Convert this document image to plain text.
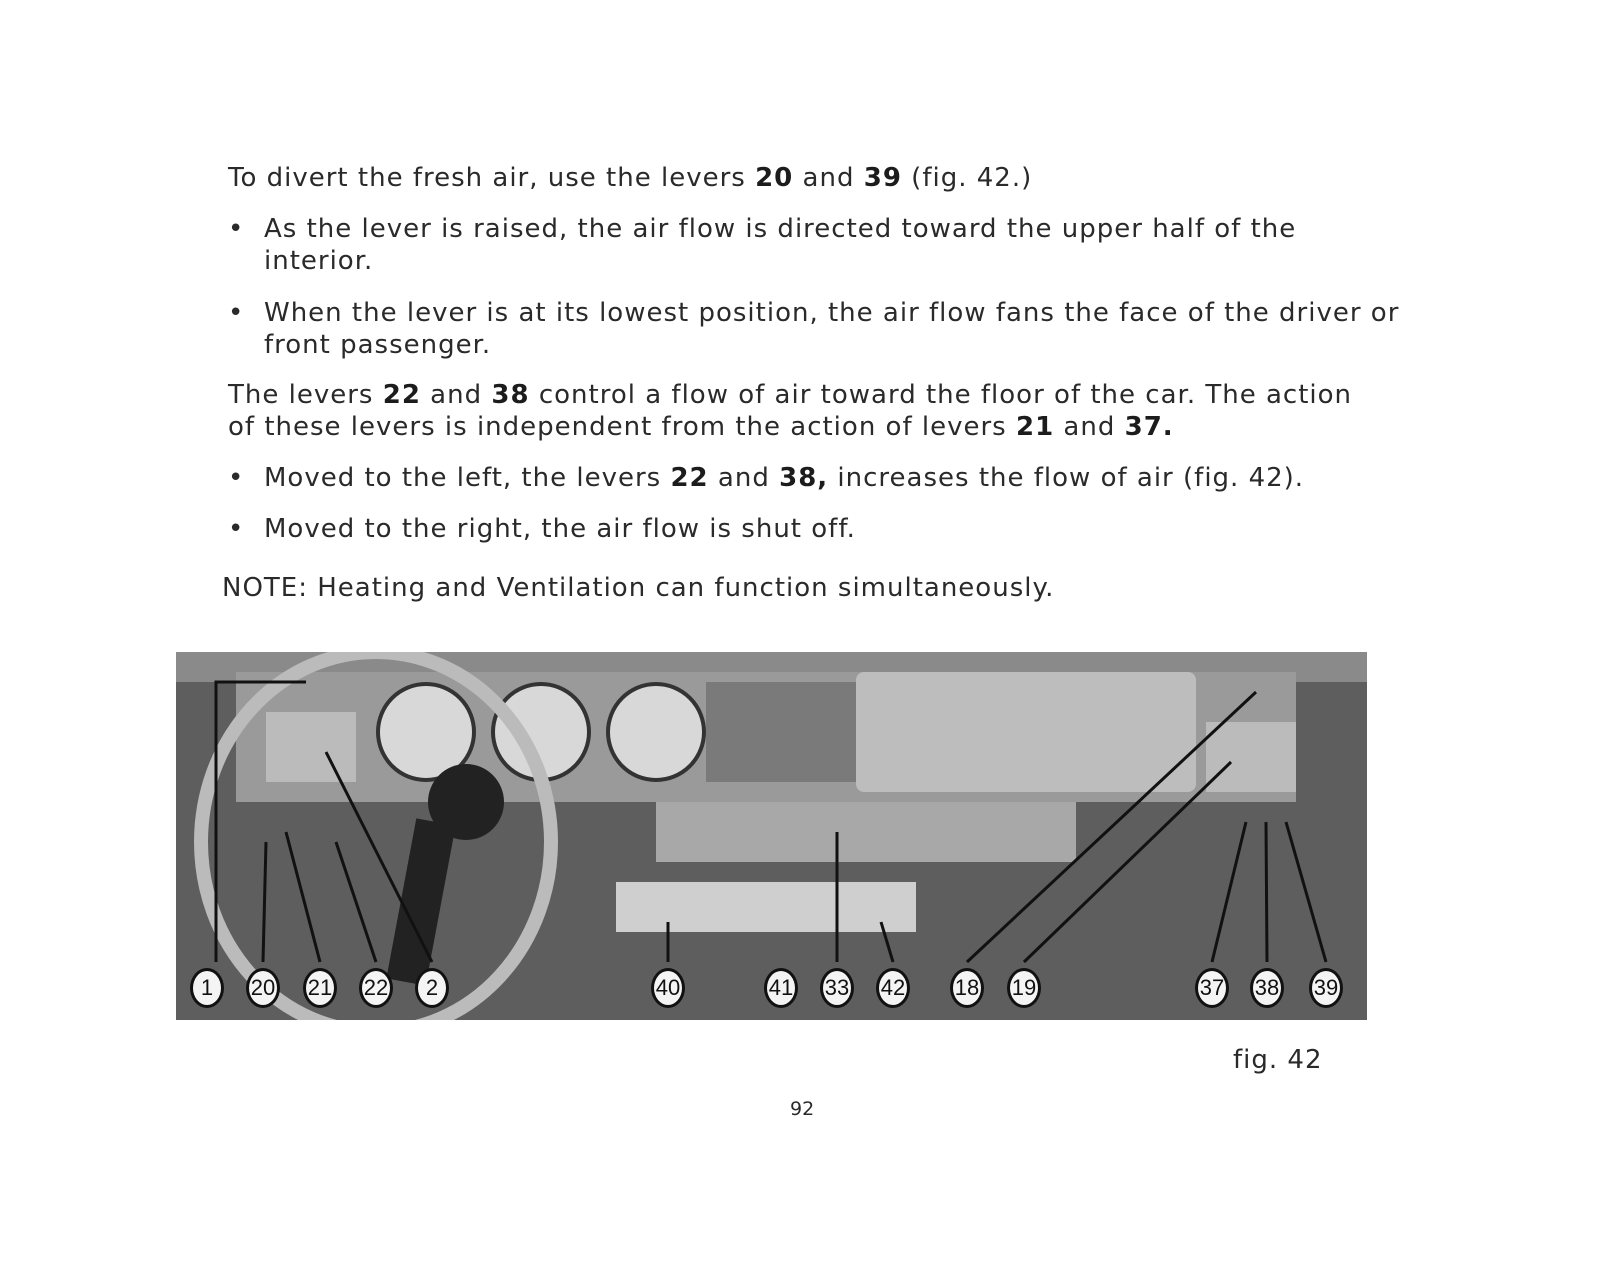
To divert the fresh air, use the levers 20 and 39 (fig. 42.)

• As the lever is raised, the air flow is directed toward the upper half of the interior.

• When the lever is at its lowest position, the air flow fans the face of the driver or front passenger.

The levers 22 and 38 control a flow of air toward the floor of the car. The action of these levers is independent from the action of levers 21 and 37.

• Moved to the left, the levers 22 and 38, increases the flow of air (fig. 42).

• Moved to the right, the air flow is shut off.

NOTE: Heating and Ventilation can function simultaneously.

1	20 21 22	2	40	41 33 42 18 19	37 38 39
fig. 42
92
